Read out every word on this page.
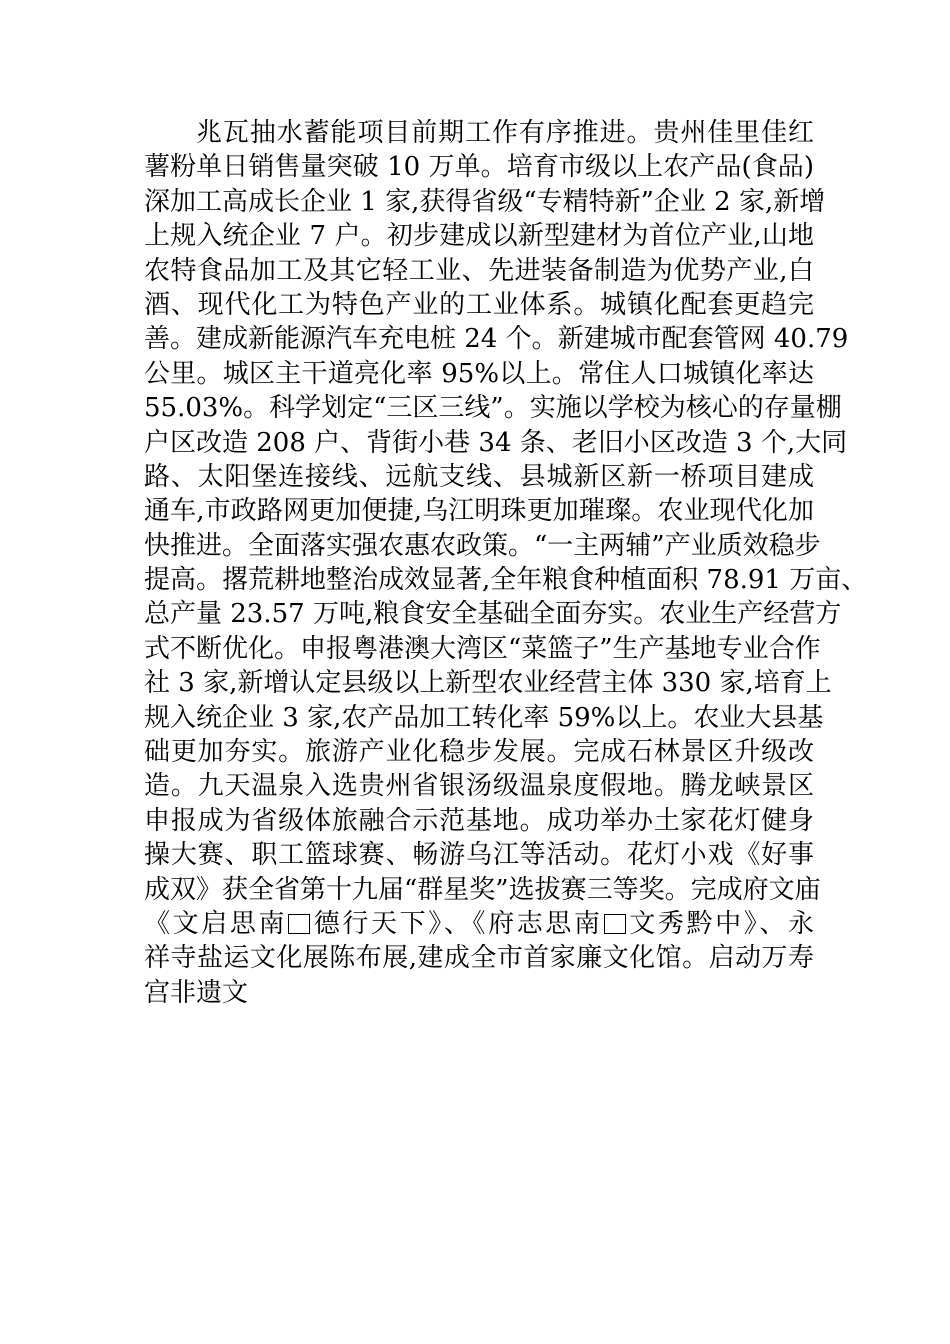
兆瓦抽水蓄能项目前期工作有序推进。贵州佳里佳红
薯粉单日销售量突破 10 万单。培育市级以上农产品(食品)
深加工高成长企业 1 家,获得省级“专精特新”企业 2 家,新增
上规入统企业 7 户。初步建成以新型建材为首位产业,山地
农特食品加工及其它轻工业、先进装备制造为优势产业,白
酒、现代化工为特色产业的工业体系。城镇化配套更趋完
善。建成新能源汽车充电桩 24 个。新建城市配套管网 40.79
公里。城区主干道亮化率 95%以上。常住人口城镇化率达
55.03%。科学划定“三区三线”。实施以学校为核心的存量棚
户区改造 208 户、背街小巷 34 条、老旧小区改造 3 个,大同
路、太阳堡连接线、远航支线、县城新区新一桥项目建成
通车,市政路网更加便捷,乌江明珠更加璀璨。农业现代化加
快推进。全面落实强农惠农政策。“一主两辅”产业质效稳步
提高。撂荒耕地整治成效显著,全年粮食种植面积 78.91 万亩、
总产量 23.57 万吨,粮食安全基础全面夯实。农业生产经营方
式不断优化。申报粤港澳大湾区“菜篮子”生产基地专业合作
社 3 家,新增认定县级以上新型农业经营主体 330 家,培育上
规入统企业 3 家,农产品加工转化率 59%以上。农业大县基
础更加夯实。旅游产业化稳步发展。完成石林景区升级改
造。九天温泉入选贵州省银汤级温泉度假地。腾龙峡景区
申报成为省级体旅融合示范基地。成功举办土家花灯健身
操大赛、职工篮球赛、畅游乌江等活动。花灯小戏《好事
成双》获全省第十九届“群星奖”选拔赛三等奖。完成府文庙
《文启思南 德行天下》、《府志思南 文秀黔中》、永
祥寺盐运文化展陈布展,建成全市首家廉文化馆。启动万寿
宫非遗文
